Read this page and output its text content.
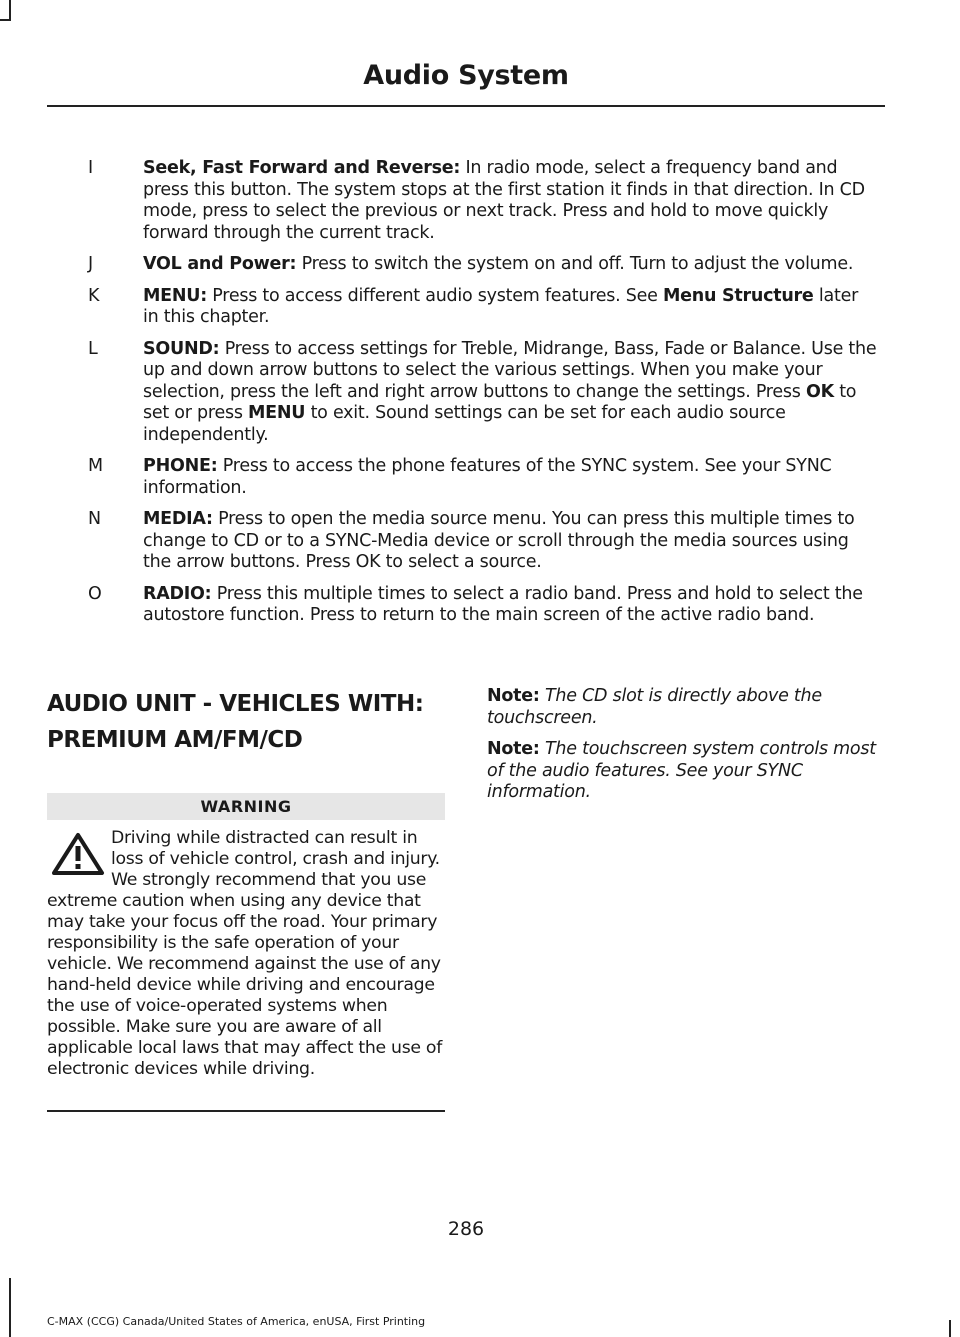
Audio System
I	Seek, Fast Forward and Reverse: In radio mode, select a frequency band and press this button. The system stops at the first station it finds in that direction. In CD mode, press to select the previous or next track. Press and hold to move quickly forward through the current track.
J	VOL and Power: Press to switch the system on and off. Turn to adjust the volume.
K	MENU: Press to access different audio system features. See Menu Structure later in this chapter.
L	SOUND: Press to access settings for Treble, Midrange, Bass, Fade or Balance. Use the up and down arrow buttons to select the various settings. When you make your selection, press the left and right arrow buttons to change the settings. Press OK to set or press MENU to exit. Sound settings can be set for each audio source independently.
M	PHONE: Press to access the phone features of the SYNC system. See your SYNC information.
N	MEDIA: Press to open the media source menu. You can press this multiple times to change to CD or to a SYNC-Media device or scroll through the media sources using the arrow buttons. Press OK to select a source.
O	RADIO: Press this multiple times to select a radio band. Press and hold to select the autostore function. Press to return to the main screen of the active radio band.
AUDIO UNIT - VEHICLES WITH:
PREMIUM AM/FM/CD
WARNING
Driving while distracted can result in loss of vehicle control, crash and injury. We strongly recommend that you use extreme caution when using any device that may take your focus off the road. Your primary responsibility is the safe operation of your vehicle. We recommend against the use of any hand-held device while driving and encourage the use of voice-operated systems when possible. Make sure you are aware of all applicable local laws that may affect the use of electronic devices while driving.
Note: The CD slot is directly above the touchscreen.
Note: The touchscreen system controls most of the audio features. See your SYNC information.
286
C-MAX (CCG) Canada/United States of America, enUSA, First Printing
